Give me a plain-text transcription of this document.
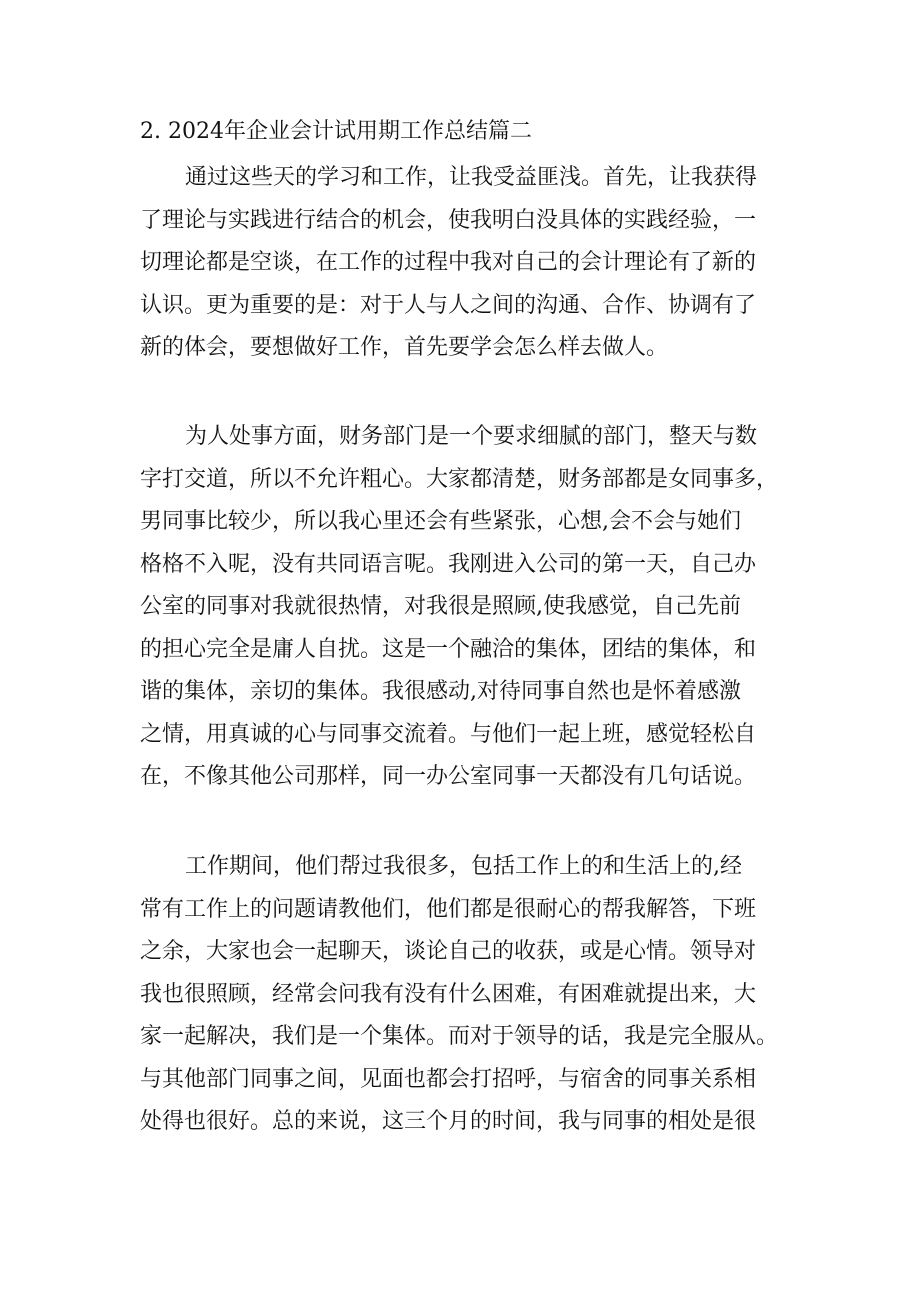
2. 2024年企业会计试用期工作总结篇二

通过这些天的学习和工作，让我受益匪浅。首先，让我获得
了理论与实践进行结合的机会，使我明白没具体的实践经验，一
切理论都是空谈，在工作的过程中我对自己的会计理论有了新的
认识。更为重要的是：对于人与人之间的沟通、合作、协调有了
新的体会，要想做好工作，首先要学会怎么样去做人。

为人处事方面，财务部门是一个要求细腻的部门，整天与数
字打交道，所以不允许粗心。大家都清楚，财务部都是女同事多，
男同事比较少，所以我心里还会有些紧张，心想,会不会与她们
格格不入呢，没有共同语言呢。我刚进入公司的第一天，自己办
公室的同事对我就很热情，对我很是照顾,使我感觉，自己先前
的担心完全是庸人自扰。这是一个融洽的集体，团结的集体，和
谐的集体，亲切的集体。我很感动,对待同事自然也是怀着感激
之情，用真诚的心与同事交流着。与他们一起上班，感觉轻松自
在，不像其他公司那样，同一办公室同事一天都没有几句话说。

工作期间，他们帮过我很多，包括工作上的和生活上的,经
常有工作上的问题请教他们，他们都是很耐心的帮我解答，下班
之余，大家也会一起聊天，谈论自己的收获，或是心情。领导对
我也很照顾，经常会问我有没有什么困难，有困难就提出来，大
家一起解决，我们是一个集体。而对于领导的话，我是完全服从。
与其他部门同事之间，见面也都会打招呼，与宿舍的同事关系相
处得也很好。总的来说，这三个月的时间，我与同事的相处是很
